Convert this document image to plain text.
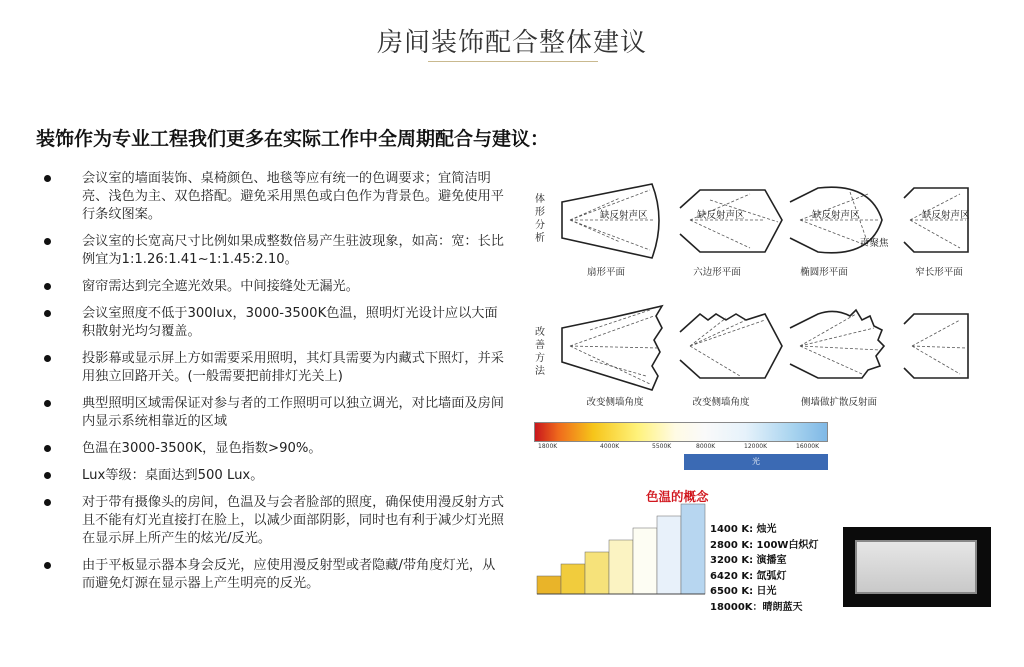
房间装饰配合整体建议
装饰作为专业工程我们更多在实际工作中全周期配合与建议：
会议室的墙面装饰、桌椅颜色、地毯等应有统一的色调要求；宜简洁明亮、浅色为主、双色搭配。避免采用黑色或白色作为背景色。避免使用平行条纹图案。
会议室的长宽高尺寸比例如果成整数倍易产生驻波现象，如高：宽：长比例宜为1:1.26:1.41~1:1.45:2.10。
窗帘需达到完全遮光效果。中间接缝处无漏光。
会议室照度不低于300lux，3000-3500K色温，照明灯光设计应以大面积散射光均匀覆盖。
投影幕或显示屏上方如需要采用照明，其灯具需要为内藏式下照灯，并采用独立回路开关。(一般需要把前排灯光关上)
典型照明区域需保证对参与者的工作照明可以独立调光，对比墙面及房间内显示系统相靠近的区域
色温在3000-3500K，显色指数>90%。
Lux等级：桌面达到500 Lux。
对于带有摄像头的房间，色温及与会者脸部的照度，确保使用漫反射方式且不能有灯光直接打在脸上，以减少面部阴影，同时也有利于减少灯光照在显示屏上所产生的炫光/反光。
由于平板显示器本身会反光，应使用漫反射型或者隐藏/带角度灯光，从而避免灯源在显示器上产生明亮的反光。
体形分析
改善方法
缺反射声区	缺反射声区	缺反射声区	缺反射声区
声聚焦
扇形平面	六边形平面	椭圆形平面	窄长形平面
改变侧墙角度	改变侧墙角度	侧墙做扩散反射面
1800K	4000K	5500K	8000K	12000K	16000K
光
色温的概念
1400 K: 烛光
2800 K: 100W白炽灯
3200 K: 演播室
6420 K: 氙弧灯
6500 K: 日光
18000K：晴朗蓝天
